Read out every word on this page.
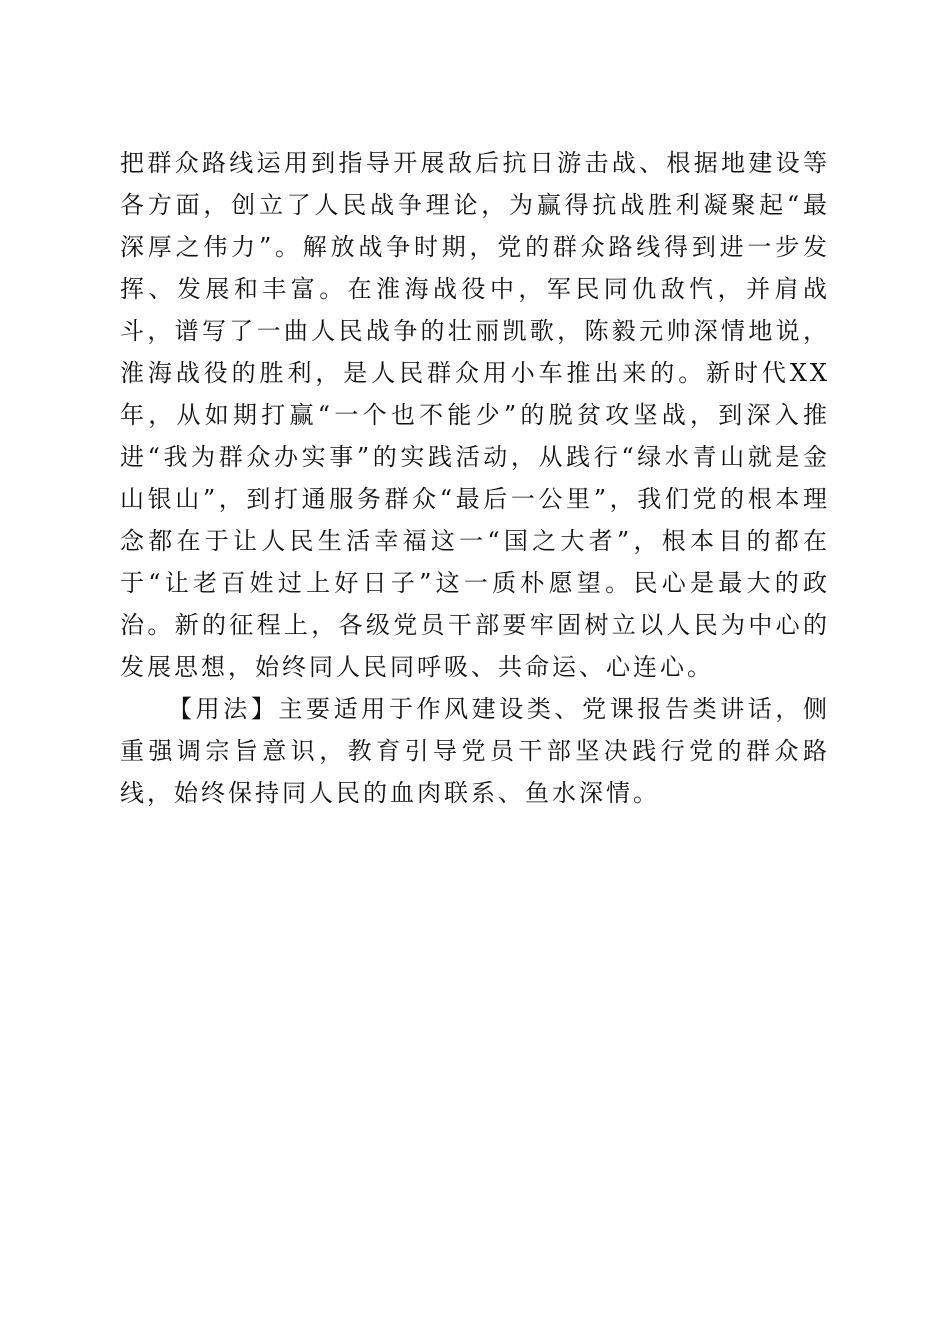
把群众路线运用到指导开展敌后抗日游击战、根据地建设等各方面，创立了人民战争理论，为赢得抗战胜利凝聚起“最深厚之伟力”。解放战争时期，党的群众路线得到进一步发挥、发展和丰富。在淮海战役中，军民同仇敌忾，并肩战斗，谱写了一曲人民战争的壮丽凯歌，陈毅元帅深情地说，淮海战役的胜利，是人民群众用小车推出来的。新时代XX年，从如期打赢“一个也不能少”的脱贫攻坚战，到深入推进“我为群众办实事”的实践活动，从践行“绿水青山就是金山银山”，到打通服务群众“最后一公里”，我们党的根本理念都在于让人民生活幸福这一“国之大者”，根本目的都在于“让老百姓过上好日子”这一质朴愿望。民心是最大的政治。新的征程上，各级党员干部要牢固树立以人民为中心的发展思想，始终同人民同呼吸、共命运、心连心。

【用法】主要适用于作风建设类、党课报告类讲话，侧重强调宗旨意识，教育引导党员干部坚决践行党的群众路线，始终保持同人民的血肉联系、鱼水深情。
